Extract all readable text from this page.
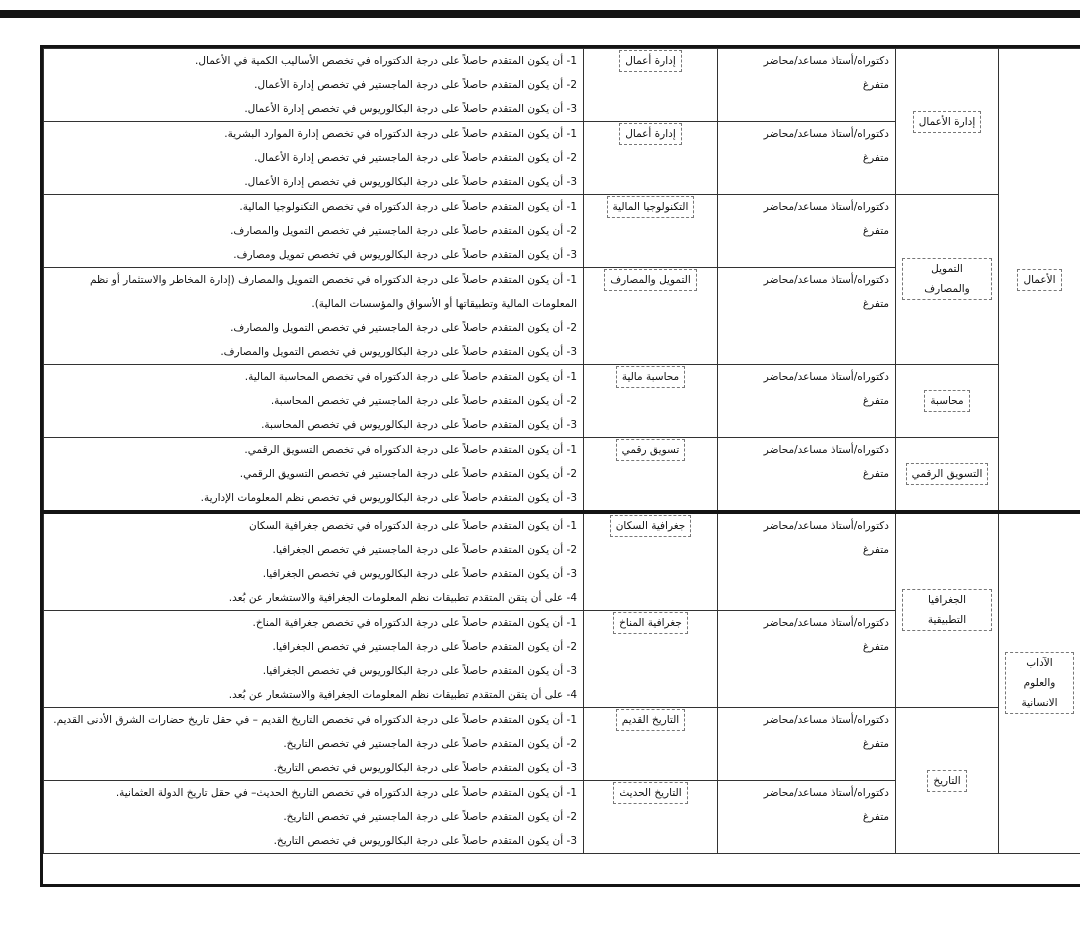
الأعمال	إدارة الأعمال	دكتوراه/أستاذ مساعد/محاضر
متفرغ	إدارة أعمال	1- أن يكون المتقدم حاصلاً على درجة الدكتوراه في تخصص الأساليب الكمية في الأعمال.
2- أن يكون المتقدم حاصلاً على درجة الماجستير في تخصص إدارة الأعمال.
3- أن يكون المتقدم حاصلاً على درجة البكالوريوس في تخصص إدارة الأعمال.

		دكتوراه/أستاذ مساعد/محاضر
متفرغ	إدارة أعمال	1- أن يكون المتقدم حاصلاً على درجة الدكتوراه في تخصص إدارة الموارد البشرية.
2- أن يكون المتقدم حاصلاً على درجة الماجستير في تخصص إدارة الأعمال.
3- أن يكون المتقدم حاصلاً على درجة البكالوريوس في تخصص إدارة الأعمال.

	التمويل والمصارف	دكتوراه/أستاذ مساعد/محاضر
متفرغ	التكنولوجيا المالية	1- أن يكون المتقدم حاصلاً على درجة الدكتوراه في تخصص التكنولوجيا المالية.
2- أن يكون المتقدم حاصلاً على درجة الماجستير في تخصص التمويل والمصارف.
3- أن يكون المتقدم حاصلاً على درجة البكالوريوس في تخصص تمويل ومصارف.

		دكتوراه/أستاذ مساعد/محاضر
متفرغ	التمويل والمصارف	1- أن يكون المتقدم حاصلاً على درجة الدكتوراه في تخصص التمويل والمصارف (إدارة المخاطر والاستثمار أو نظم المعلومات المالية وتطبيقاتها أو الأسواق والمؤسسات المالية).
2- أن يكون المتقدم حاصلاً على درجة الماجستير في تخصص التمويل والمصارف.
3- أن يكون المتقدم حاصلاً على درجة البكالوريوس في تخصص التمويل والمصارف.

	محاسبة	دكتوراه/أستاذ مساعد/محاضر
متفرغ	محاسبة مالية	1- أن يكون المتقدم حاصلاً على درجة الدكتوراه في تخصص المحاسبة المالية.
2- أن يكون المتقدم حاصلاً على درجة الماجستير في تخصص المحاسبة.
3- أن يكون المتقدم حاصلاً على درجة البكالوريوس في تخصص المحاسبة.

	التسويق الرقمي	دكتوراه/أستاذ مساعد/محاضر
متفرغ	تسويق رقمي	1- أن يكون المتقدم حاصلاً على درجة الدكتوراه في تخصص التسويق الرقمي.
2- أن يكون المتقدم حاصلاً على درجة الماجستير في تخصص التسويق الرقمي.
3- أن يكون المتقدم حاصلاً على درجة البكالوريوس في تخصص نظم المعلومات الإدارية.

الآداب والعلوم الانسانية	الجغرافيا التطبيقية	دكتوراه/أستاذ مساعد/محاضر
متفرغ	جغرافية السكان	1- أن يكون المتقدم حاصلاً على درجة الدكتوراه في تخصص جغرافية السكان
2- أن يكون المتقدم حاصلاً على درجة الماجستير في تخصص الجغرافيا.
3- أن يكون المتقدم حاصلاً على درجة البكالوريوس في تخصص الجغرافيا.
4- على أن يتقن المتقدم تطبيقات نظم المعلومات الجغرافية والاستشعار عن بُعد.

		دكتوراه/أستاذ مساعد/محاضر
متفرغ	جغرافية المناخ	1- أن يكون المتقدم حاصلاً على درجة الدكتوراه في تخصص جغرافية المناخ.
2- أن يكون المتقدم حاصلاً على درجة الماجستير في تخصص الجغرافيا.
3- أن يكون المتقدم حاصلاً على درجة البكالوريوس في تخصص الجغرافيا.
4- على أن يتقن المتقدم تطبيقات نظم المعلومات الجغرافية والاستشعار عن بُعد.

	التاريخ	دكتوراه/أستاذ مساعد/محاضر
متفرغ	التاريخ القديم	1- أن يكون المتقدم حاصلاً على درجة الدكتوراه في تخصص التاريخ القديم – في حقل تاريخ حضارات الشرق الأدنى القديم.
2- أن يكون المتقدم حاصلاً على درجة الماجستير في تخصص التاريخ.
3- أن يكون المتقدم حاصلاً على درجة البكالوريوس في تخصص التاريخ.

		دكتوراه/أستاذ مساعد/محاضر
متفرغ	التاريخ الحديث	1- أن يكون المتقدم حاصلاً على درجة الدكتوراه في تخصص التاريخ الحديث– في حقل تاريخ الدولة العثمانية.
2- أن يكون المتقدم حاصلاً على درجة الماجستير في تخصص التاريخ.
3- أن يكون المتقدم حاصلاً على درجة البكالوريوس في تخصص التاريخ.
